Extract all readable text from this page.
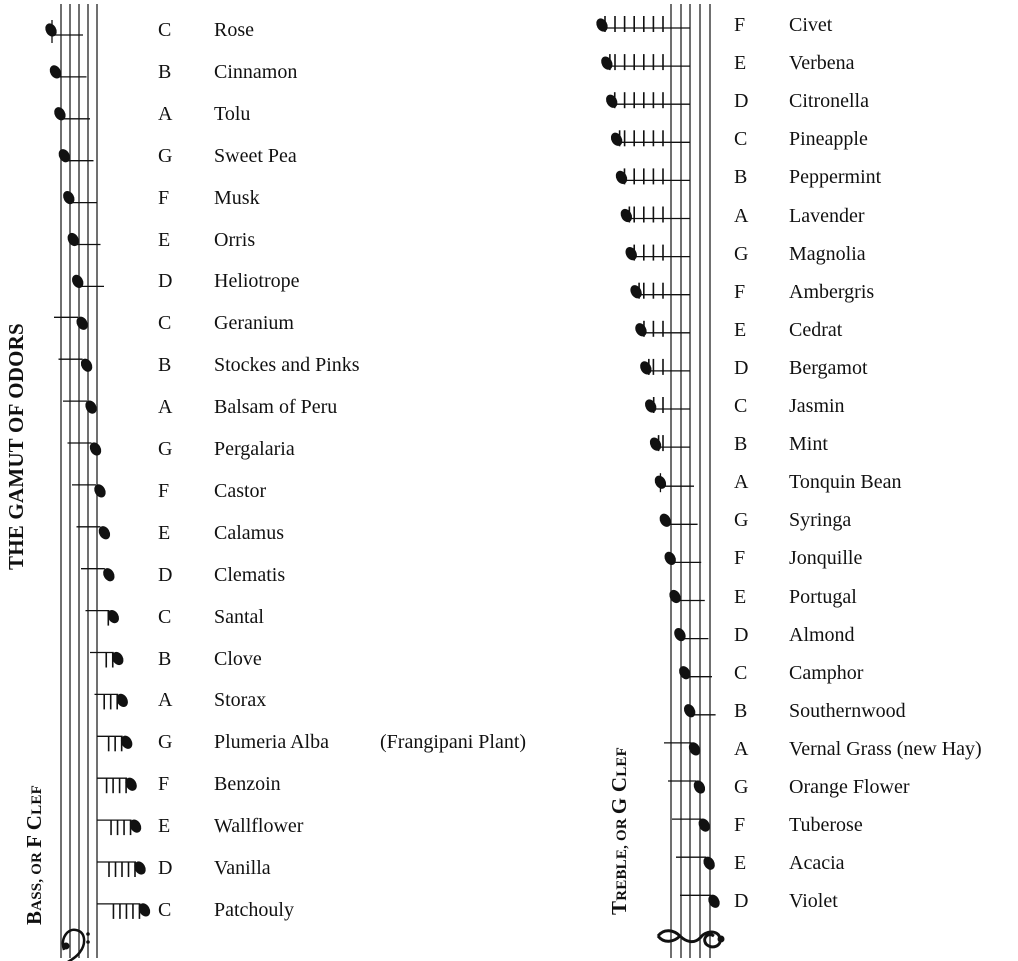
THE GAMUT OF ODORS
BASS, OR F CLEF
TREBLE, OR G CLEF
C Rose
B Cinnamon
A Tolu
G Sweet Pea
F Musk
E Orris
D Heliotrope
C Geranium
B Stockes and Pinks
A Balsam of Peru
G Pergalaria
F Castor
E Calamus
D Clematis
C Santal
B Clove
A Storax
G Plumeria Alba	(Frangipani Plant)
F Benzoin
E Wallflower
D Vanilla
C Patchouly
F Civet
E Verbena
D Citronella
C Pineapple
B Peppermint
A Lavender
G Magnolia
F Ambergris
E Cedrat
D Bergamot
C Jasmin
B Mint
A Tonquin Bean
G Syringa
F Jonquille
E Portugal
D Almond
C Camphor
B Southernwood
A Vernal Grass (new Hay)
G Orange Flower
F Tuberose
E Acacia
D Violet
